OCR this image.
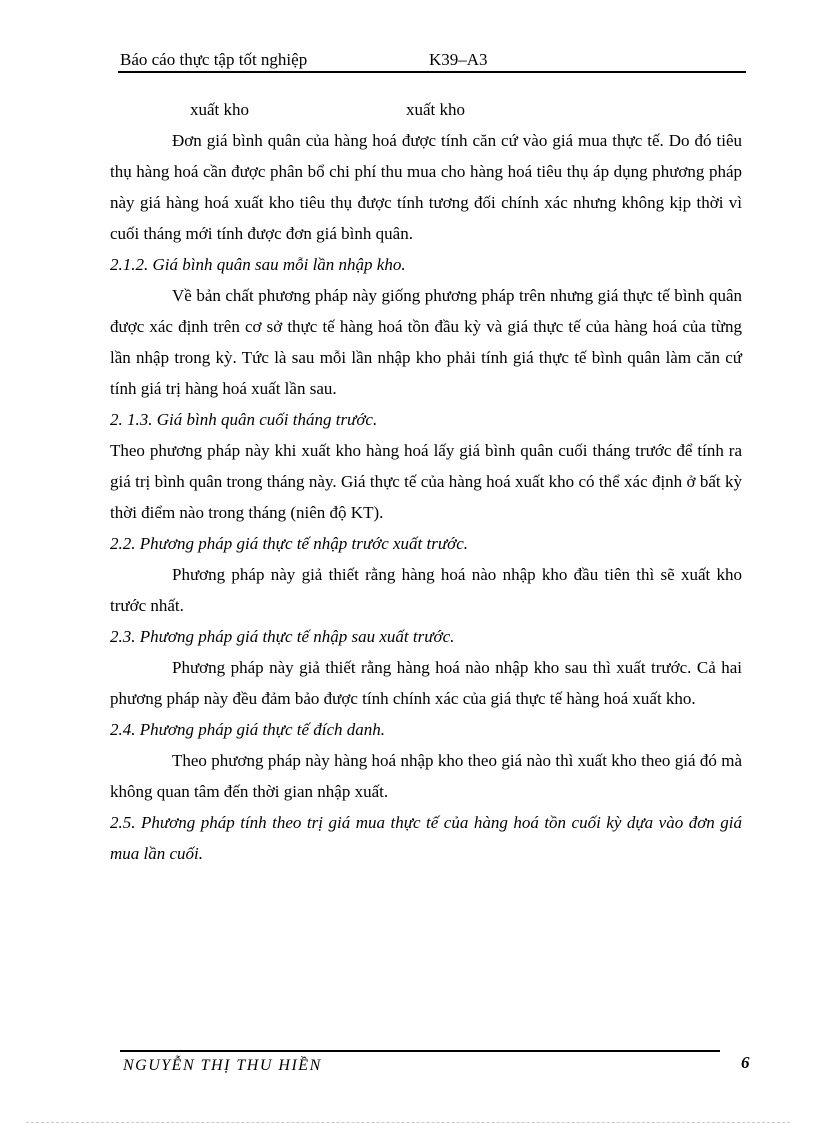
Báo cáo thực tập tốt nghiệp	K39–A3
xuất kho	xuất kho

Đơn giá bình quân của hàng hoá được tính căn cứ vào giá mua thực tế. Do đó tiêu thụ hàng hoá cần được phân bổ chi phí thu mua cho hàng hoá tiêu thụ áp dụng phương pháp này giá hàng hoá xuất kho tiêu thụ được tính tương đối chính xác nhưng không kịp thời vì cuối tháng mới tính được đơn giá bình quân.

2.1.2. Giá bình quân sau mỗi lần nhập kho.

Về bản chất phương pháp này giống phương pháp trên nhưng giá thực tế bình quân được xác định trên cơ sở thực tế hàng hoá tồn đầu kỳ và giá thực tế của hàng hoá của từng lần nhập trong kỳ. Tức là sau mỗi lần nhập kho phải tính giá thực tế bình quân làm căn cứ tính giá trị hàng hoá xuất lần sau.

2. 1.3. Giá bình quân cuối tháng trước.

Theo phương pháp này khi xuất kho hàng hoá lấy giá bình quân cuối tháng trước để tính ra giá trị bình quân trong tháng này. Giá thực tế của hàng hoá xuất kho có thể xác định ở bất kỳ thời điểm nào trong tháng (niên độ KT).

2.2. Phương pháp giá thực tế nhập trước xuất trước.

Phương pháp này giả thiết rằng hàng hoá nào nhập kho đầu tiên thì sẽ xuất kho trước nhất.

2.3. Phương pháp giá thực tế nhập sau xuất trước.

Phương pháp này giả thiết rằng hàng hoá nào nhập kho sau thì xuất trước. Cả hai phương pháp này đều đảm bảo được tính chính xác của giá thực tế hàng hoá xuất kho.

2.4. Phương pháp giá thực tế đích danh.

Theo phương pháp này hàng hoá nhập kho theo giá nào thì xuất kho theo giá đó mà không quan tâm đến thời gian nhập xuất.

2.5. Phương pháp tính theo trị giá mua thực tế của hàng hoá tồn cuối kỳ dựa vào đơn giá mua lần cuối.

NGUYỄN THỊ THU HIỀN	6
